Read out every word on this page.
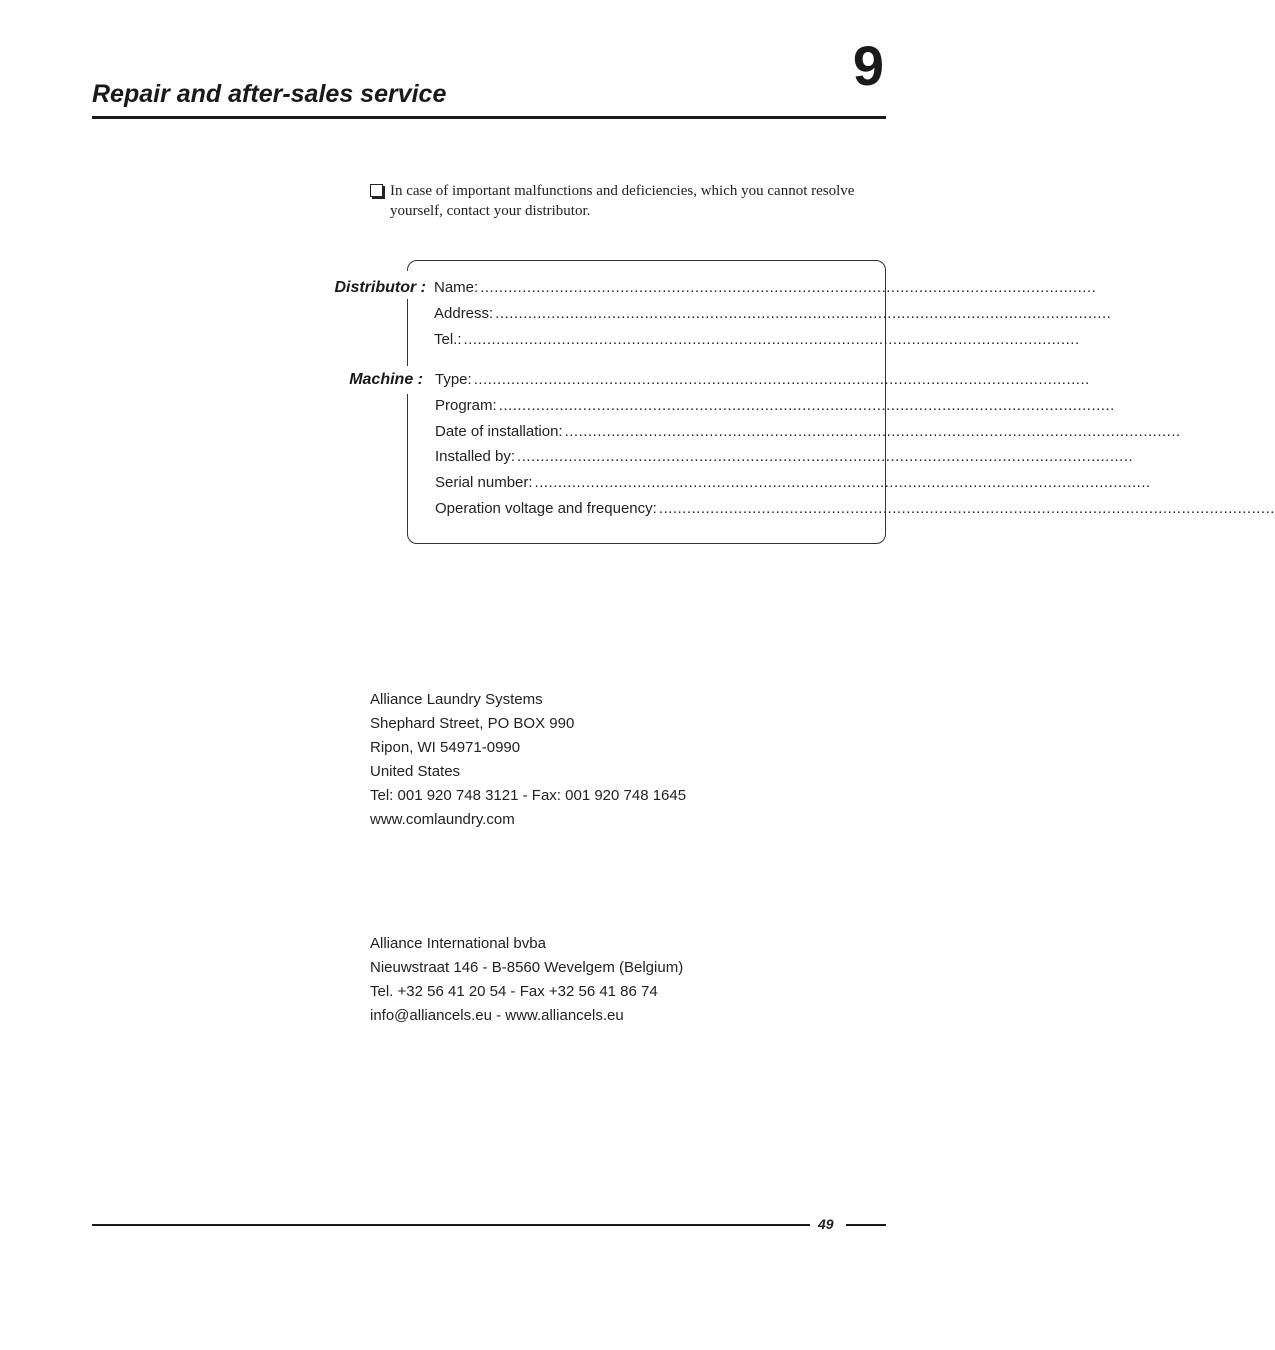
9
Repair and after-sales service
In case of important malfunctions and deficiencies, which you cannot resolve yourself, contact your distributor.
Distributor :
Machine :
Name: ....................................................................................................................................
Address: ....................................................................................................................................
Tel.: ....................................................................................................................................
Type: ....................................................................................................................................
Program: ....................................................................................................................................
Date of installation: ....................................................................................................................................
Installed by: ....................................................................................................................................
Serial number: ....................................................................................................................................
Operation voltage and frequency: ....................................................................................................................................
Alliance Laundry Systems
Shephard Street, PO BOX 990
Ripon, WI 54971-0990
United States
Tel: 001 920 748 3121 - Fax: 001 920 748 1645
www.comlaundry.com
Alliance International bvba
Nieuwstraat 146 - B-8560 Wevelgem (Belgium)
Tel. +32 56 41 20 54 - Fax +32 56 41 86 74
info@alliancels.eu - www.alliancels.eu
49
